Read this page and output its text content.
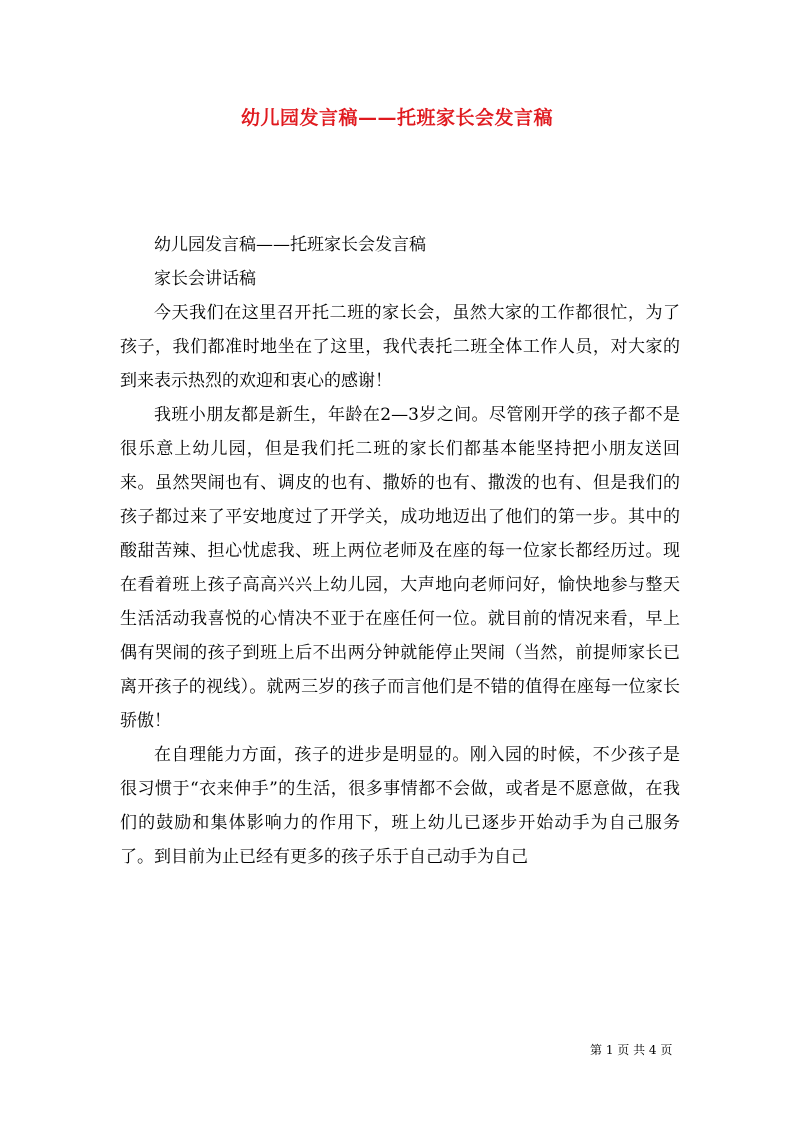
幼儿园发言稿——托班家长会发言稿

幼儿园发言稿——托班家长会发言稿

家长会讲话稿

今天我们在这里召开托二班的家长会，虽然大家的工作都很忙，为了孩子，我们都准时地坐在了这里，我代表托二班全体工作人员，对大家的到来表示热烈的欢迎和衷心的感谢！

我班小朋友都是新生，年龄在2—3岁之间。尽管刚开学的孩子都不是很乐意上幼儿园，但是我们托二班的家长们都基本能坚持把小朋友送回来。虽然哭闹也有、调皮的也有、撒娇的也有、撒泼的也有、但是我们的孩子都过来了平安地度过了开学关，成功地迈出了他们的第一步。其中的酸甜苦辣、担心忧虑我、班上两位老师及在座的每一位家长都经历过。现在看着班上孩子高高兴兴上幼儿园，大声地向老师问好，愉快地参与整天生活活动我喜悦的心情决不亚于在座任何一位。就目前的情况来看，早上偶有哭闹的孩子到班上后不出两分钟就能停止哭闹（当然，前提师家长已离开孩子的视线）。就两三岁的孩子而言他们是不错的值得在座每一位家长骄傲！

在自理能力方面，孩子的进步是明显的。刚入园的时候，不少孩子是很习惯于“衣来伸手”的生活，很多事情都不会做，或者是不愿意做，在我们的鼓励和集体影响力的作用下，班上幼儿已逐步开始动手为自己服务了。到目前为止已经有更多的孩子乐于自己动手为自己

第 1 页 共 4 页
